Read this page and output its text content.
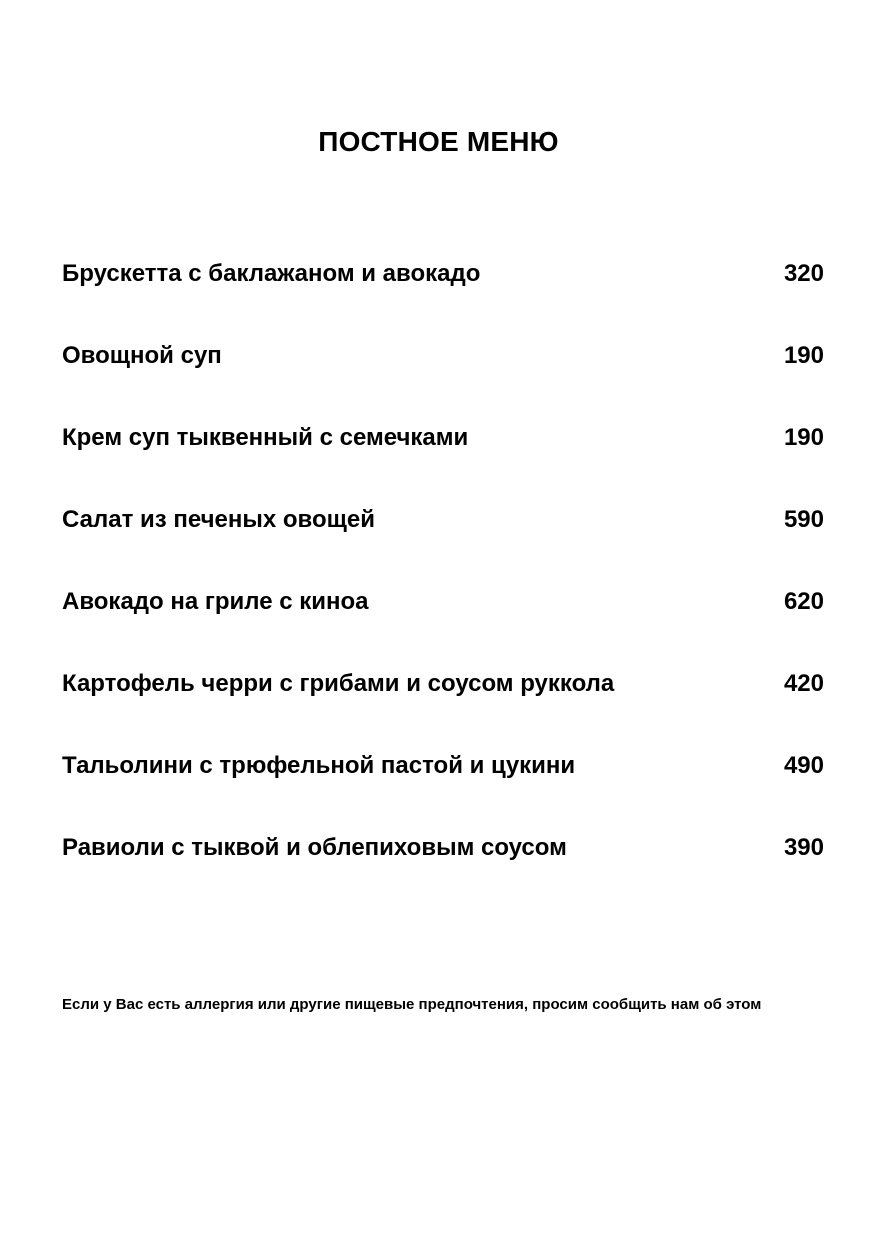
ПОСТНОЕ МЕНЮ
Брускетта с баклажаном и авокадо	320
Овощной суп	190
Крем суп тыквенный с семечками	190
Салат из печеных овощей	590
Авокадо на гриле с киноа	620
Картофель черри с грибами и соусом руккола	420
Тальолини с трюфельной пастой и цукини	490
Равиоли с тыквой и облепиховым соусом	390

Если у Вас есть аллергия или другие пищевые предпочтения, просим сообщить нам об этом
